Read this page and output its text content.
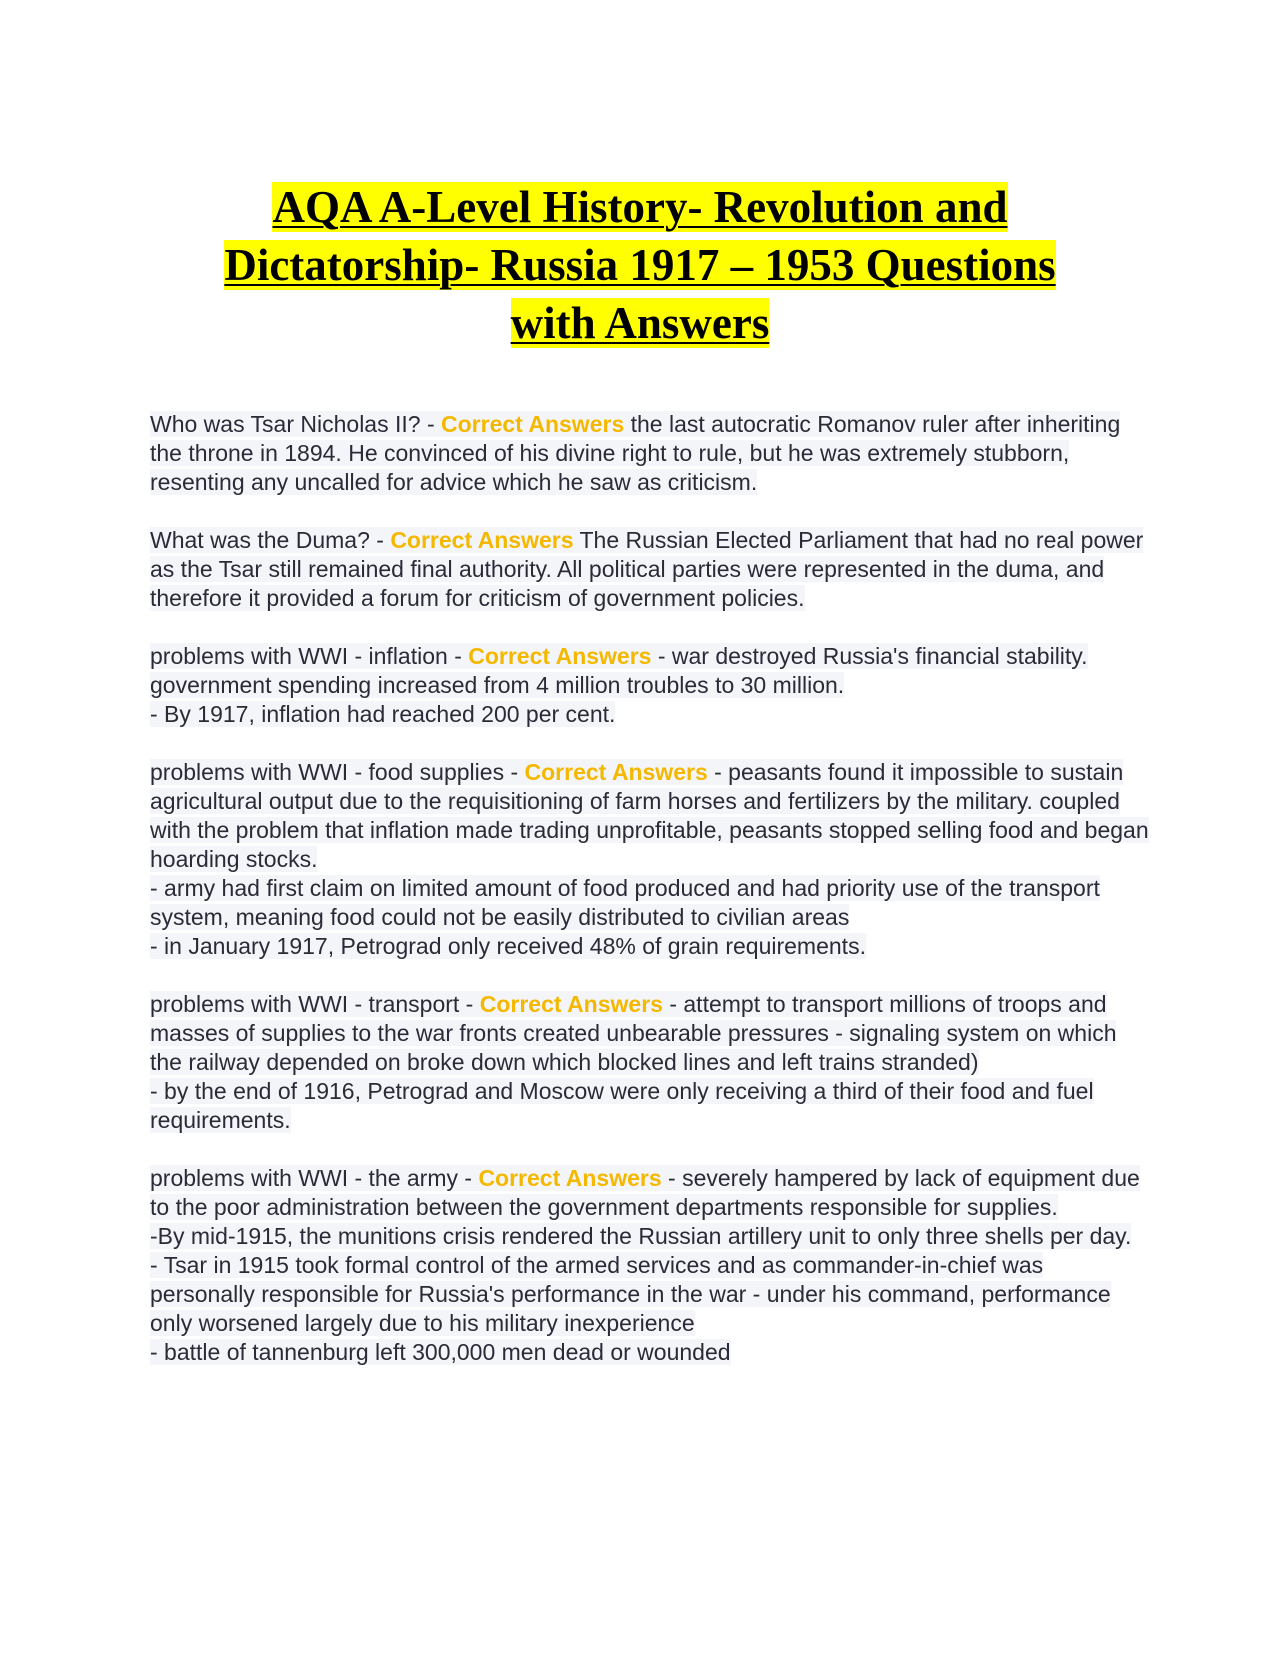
AQA A-Level History- Revolution and
Dictatorship- Russia 1917 – 1953 Questions
with Answers

Who was Tsar Nicholas II? - Correct Answers the last autocratic Romanov ruler after inheriting the throne in 1894. He convinced of his divine right to rule, but he was extremely stubborn, resenting any uncalled for advice which he saw as criticism.

What was the Duma? - Correct Answers The Russian Elected Parliament that had no real power as the Tsar still remained final authority. All political parties were represented in the duma, and therefore it provided a forum for criticism of government policies.

problems with WWI - inflation - Correct Answers - war destroyed Russia's financial stability. government spending increased from 4 million troubles to 30 million.

- By 1917, inflation had reached 200 per cent.

problems with WWI - food supplies - Correct Answers - peasants found it impossible to sustain agricultural output due to the requisitioning of farm horses and fertilizers by the military. coupled with the problem that inflation made trading unprofitable, peasants stopped selling food and began hoarding stocks.

- army had first claim on limited amount of food produced and had priority use of the transport system, meaning food could not be easily distributed to civilian areas

- in January 1917, Petrograd only received 48% of grain requirements.

problems with WWI - transport - Correct Answers - attempt to transport millions of troops and masses of supplies to the war fronts created unbearable pressures - signaling system on which the railway depended on broke down which blocked lines and left trains stranded)

- by the end of 1916, Petrograd and Moscow were only receiving a third of their food and fuel requirements.

problems with WWI - the army - Correct Answers - severely hampered by lack of equipment due to the poor administration between the government departments responsible for supplies.

-By mid-1915, the munitions crisis rendered the Russian artillery unit to only three shells per day.

- Tsar in 1915 took formal control of the armed services and as commander-in-chief was personally responsible for Russia's performance in the war - under his command, performance only worsened largely due to his military inexperience

- battle of tannenburg left 300,000 men dead or wounded
